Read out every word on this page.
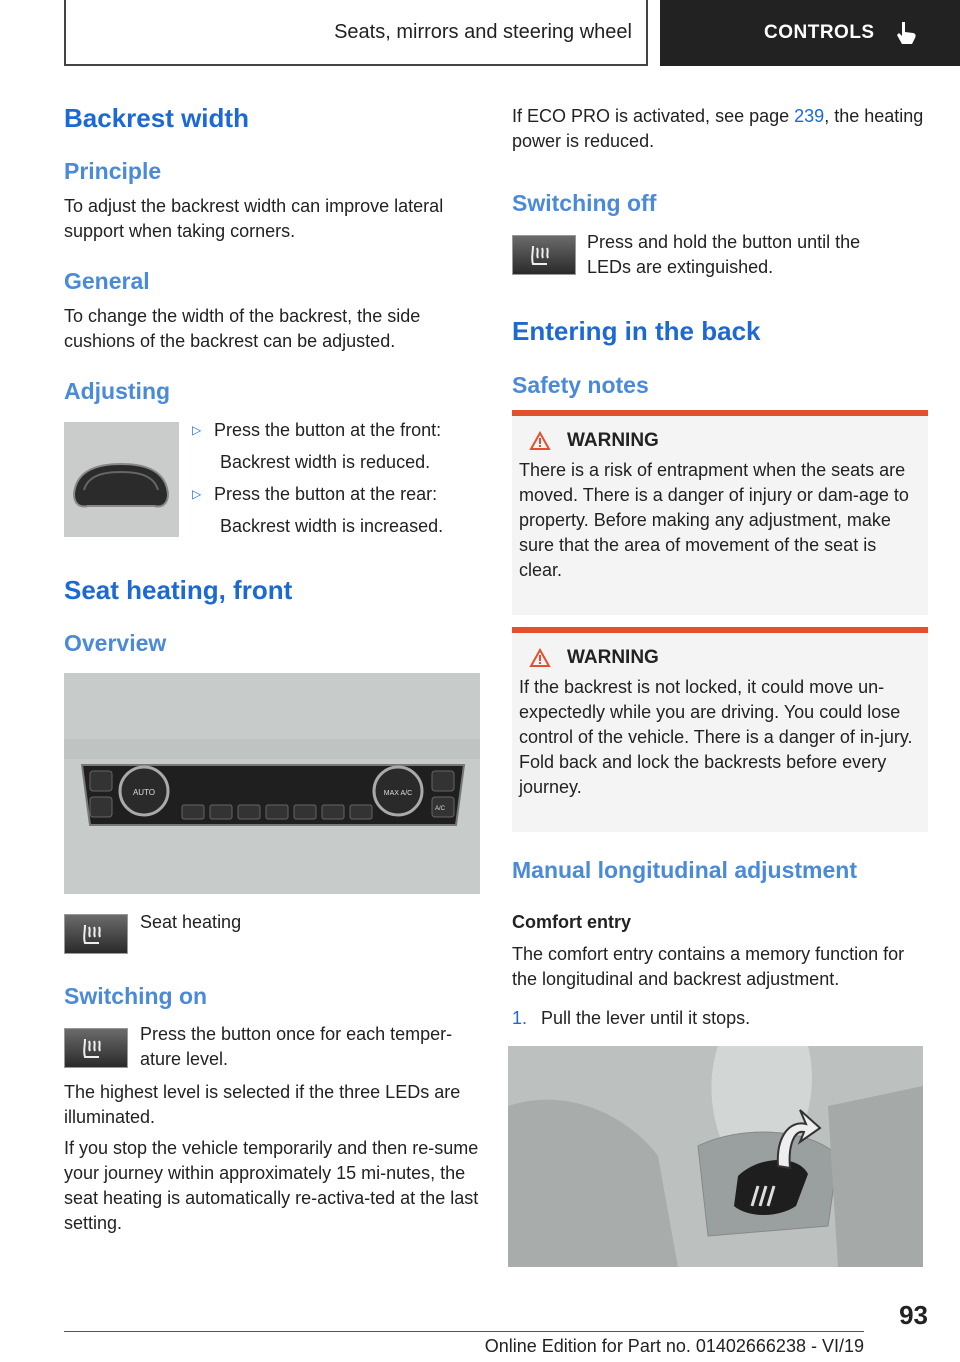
Seats, mirrors and steering wheel	CONTROLS
Backrest width
Principle
To adjust the backrest width can improve lateral support when taking corners.
General
To change the width of the backrest, the side cushions of the backrest can be adjusted.
Adjusting
▷ Press the button at the front:
Backrest width is reduced.
▷ Press the button at the rear:
Backrest width is increased.
Seat heating, front
Overview
AUTO	MAX A/C
A/C
Seat heating
Switching on
Press the button once for each temper‐ature level.
The highest level is selected if the three LEDs are illuminated.
If you stop the vehicle temporarily and then re‐sume your journey within approximately 15 mi‐nutes, the seat heating is automatically re-activa‐ted at the last setting.
If ECO PRO is activated, see page 239, the heating power is reduced.
Switching off
Press and hold the button until the LEDs are extinguished.
Entering in the back
Safety notes
WARNING
There is a risk of entrapment when the seats are moved. There is a danger of injury or dam‐age to property. Before making any adjustment, make sure that the area of movement of the seat is clear.
WARNING
If the backrest is not locked, it could move un‐expectedly while you are driving. You could lose control of the vehicle. There is a danger of in‐jury. Fold back and lock the backrests before every journey.
Manual longitudinal adjustment
Comfort entry
The comfort entry contains a memory function for the longitudinal and backrest adjustment.
1. Pull the lever until it stops.
93
Online Edition for Part no. 01402666238 - VI/19
